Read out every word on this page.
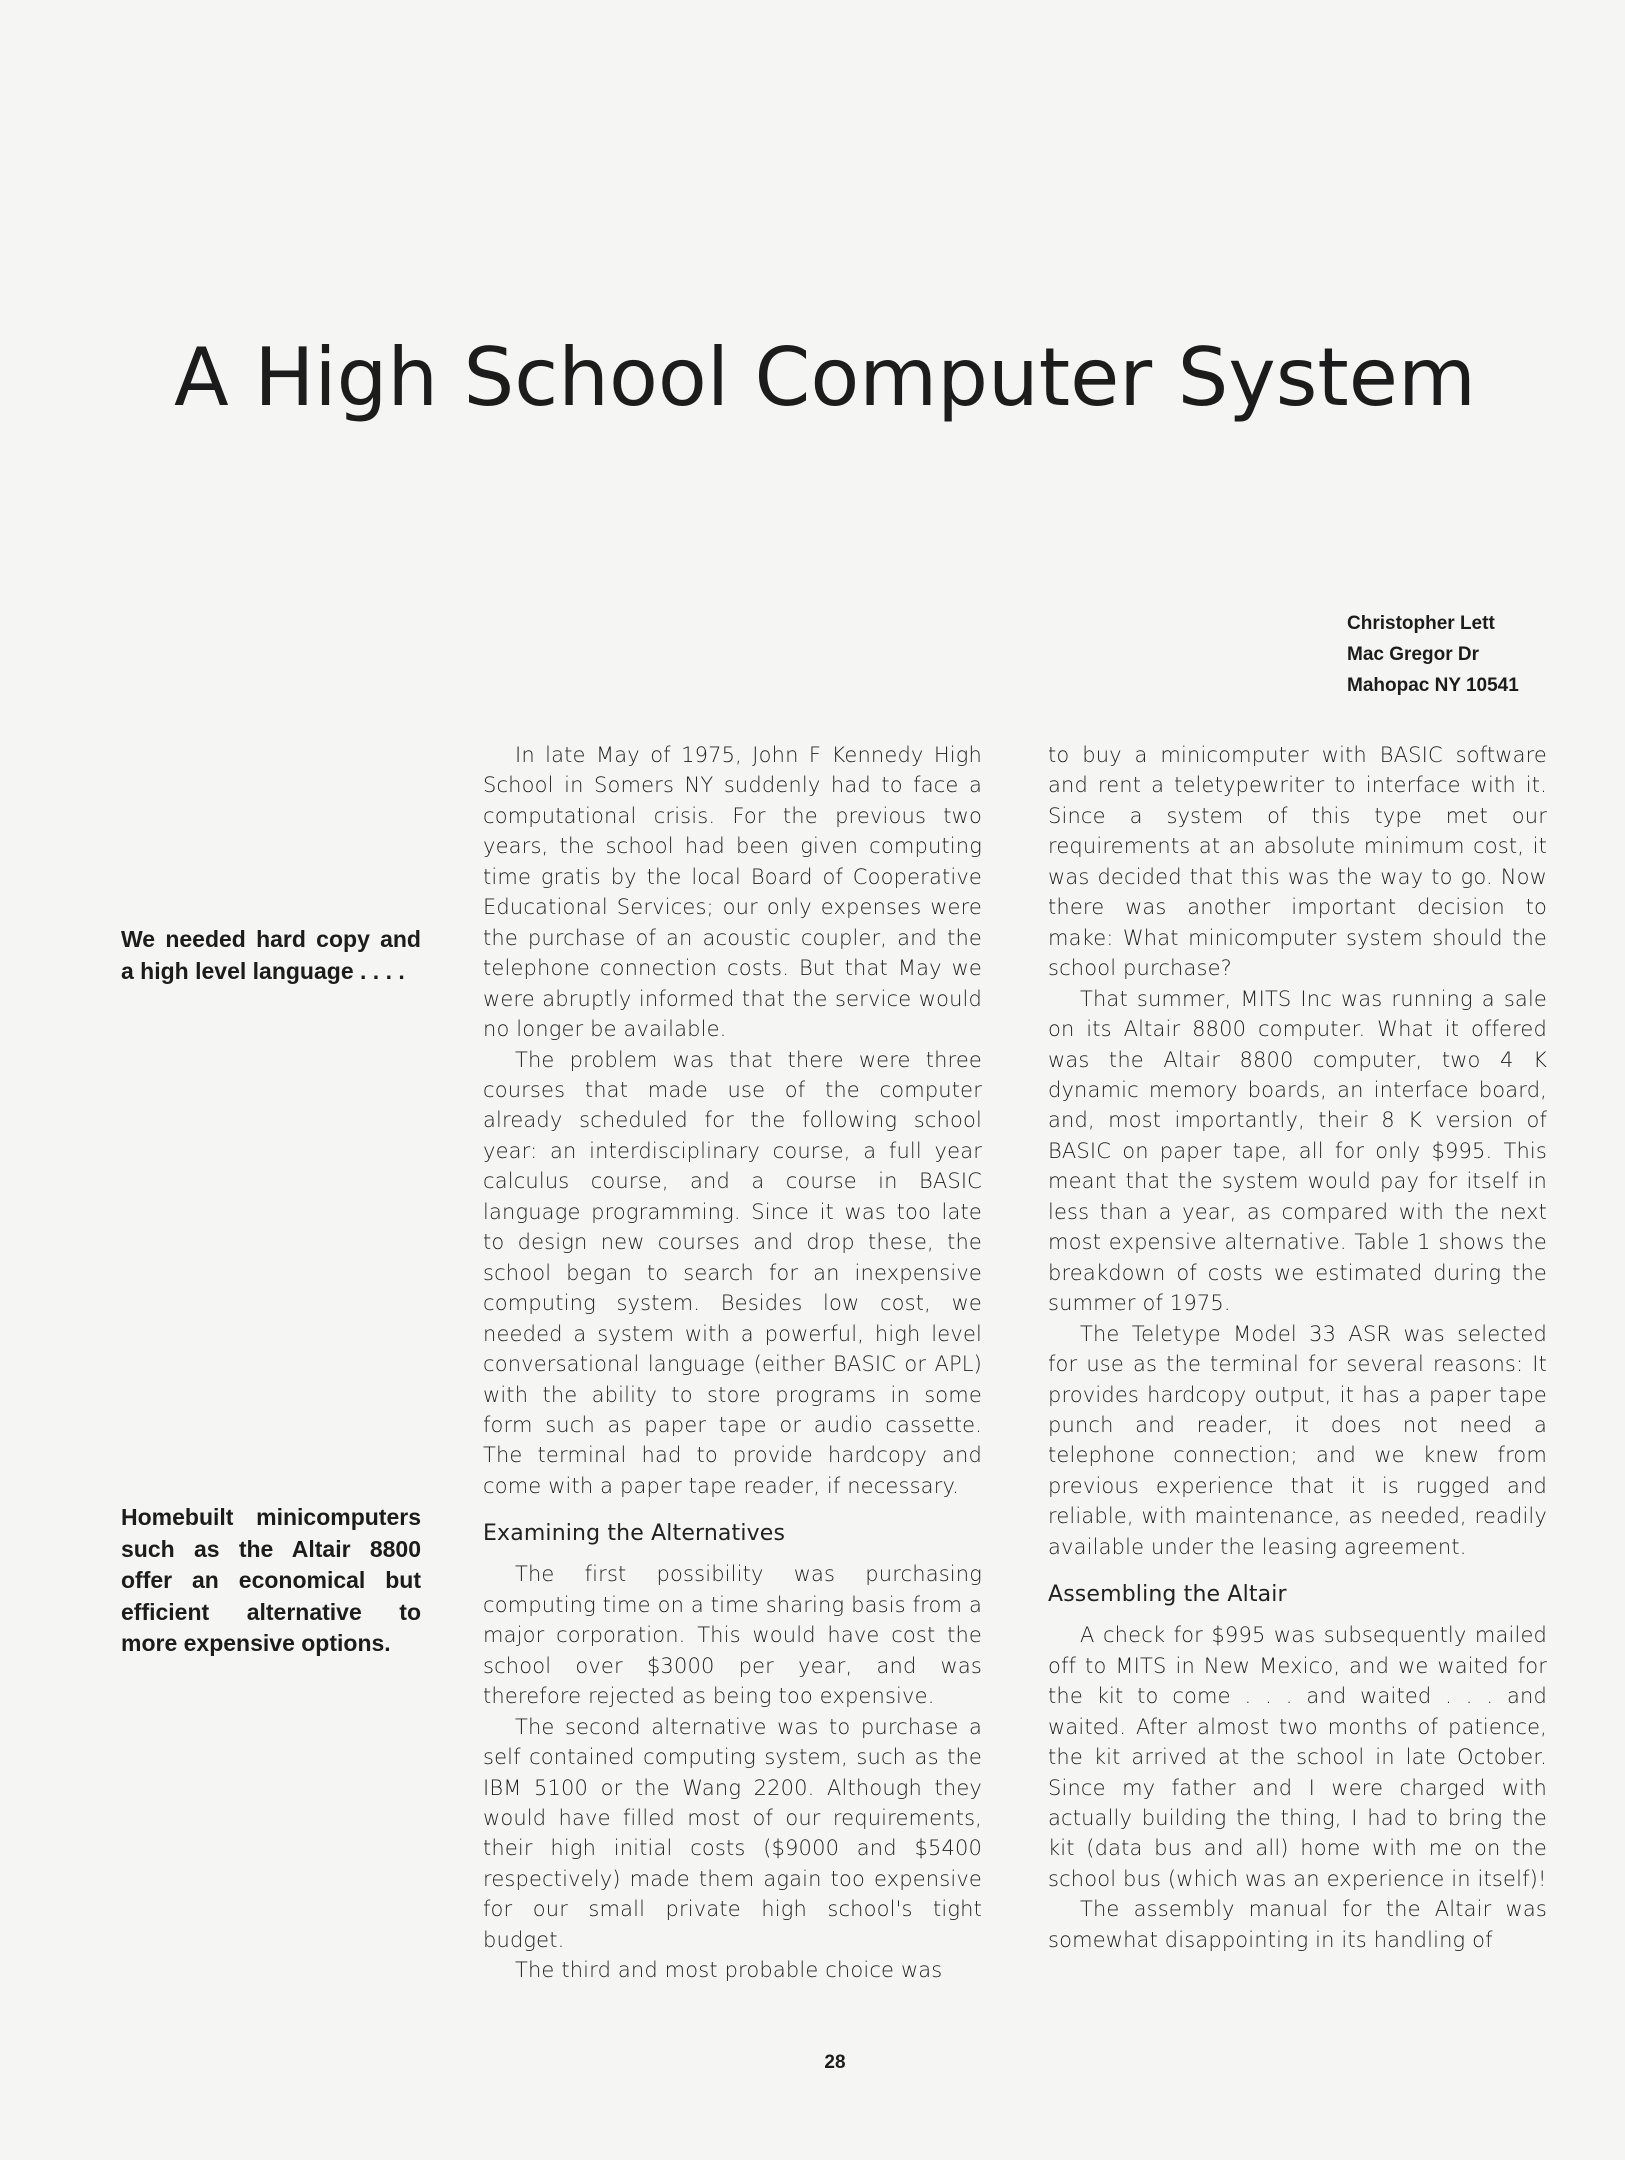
A High School Computer System
Christopher Lett
Mac Gregor Dr
Mahopac NY 10541
We needed hard copy and a high level language . . . .
Homebuilt minicomputers such as the Altair 8800 offer an economical but efficient alternative to more expensive options.

In late May of 1975, John F Kennedy High School in Somers NY suddenly had to face a computational crisis. For the previous two years, the school had been given computing time gratis by the local Board of Cooperative Educational Services; our only expenses were the purchase of an acoustic coupler, and the telephone connection costs. But that May we were abruptly informed that the service would no longer be available.

The problem was that there were three courses that made use of the computer already scheduled for the following school year: an interdisciplinary course, a full year calculus course, and a course in BASIC language programming. Since it was too late to design new courses and drop these, the school began to search for an inexpensive computing system. Besides low cost, we needed a system with a powerful, high level conversational language (either BASIC or APL) with the ability to store programs in some form such as paper tape or audio cassette. The terminal had to provide hardcopy and come with a paper tape reader, if necessary.

Examining the Alternatives

The first possibility was purchasing computing time on a time sharing basis from a major corporation. This would have cost the school over $3000 per year, and was therefore rejected as being too expensive.

The second alternative was to purchase a self contained computing system, such as the IBM 5100 or the Wang 2200. Although they would have filled most of our requirements, their high initial costs ($9000 and $5400 respectively) made them again too expensive for our small private high school's tight budget.

The third and most probable choice was

to buy a minicomputer with BASIC software and rent a teletypewriter to interface with it. Since a system of this type met our requirements at an absolute minimum cost, it was decided that this was the way to go. Now there was another important decision to make: What minicomputer system should the school purchase?

That summer, MITS Inc was running a sale on its Altair 8800 computer. What it offered was the Altair 8800 computer, two 4 K dynamic memory boards, an interface board, and, most importantly, their 8 K version of BASIC on paper tape, all for only $995. This meant that the system would pay for itself in less than a year, as compared with the next most expensive alternative. Table 1 shows the breakdown of costs we estimated during the summer of 1975.

The Teletype Model 33 ASR was selected for use as the terminal for several reasons: It provides hardcopy output, it has a paper tape punch and reader, it does not need a telephone connection; and we knew from previous experience that it is rugged and reliable, with maintenance, as needed, readily available under the leasing agreement.

Assembling the Altair

A check for $995 was subsequently mailed off to MITS in New Mexico, and we waited for the kit to come . . . and waited . . . and waited. After almost two months of patience, the kit arrived at the school in late October. Since my father and I were charged with actually building the thing, I had to bring the kit (data bus and all) home with me on the school bus (which was an experience in itself)!

The assembly manual for the Altair was somewhat disappointing in its handling of

28
